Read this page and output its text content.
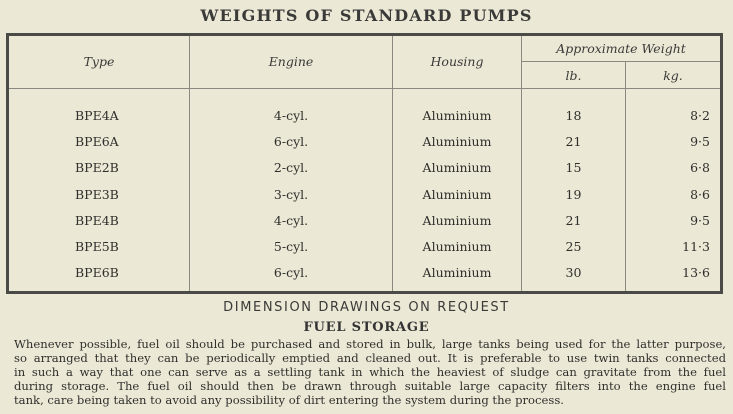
WEIGHTS OF STANDARD PUMPS
Type	Engine	Housing
Approximate Weight
lb.	kg.
BPE4A	4-cyl.	Aluminium	18	8·2
BPE6A	6-cyl.	Aluminium	21	9·5
BPE2B	2-cyl.	Aluminium	15	6·8
BPE3B	3-cyl.	Aluminium	19	8·6
BPE4B	4-cyl.	Aluminium	21	9·5
BPE5B	5-cyl.	Aluminium	25	11·3
BPE6B	6-cyl.	Aluminium	30	13·6
DIMENSION DRAWINGS ON REQUEST
FUEL STORAGE
Whenever possible, fuel oil should be purchased and stored in bulk, large tanks being used for the latter purpose,
so arranged that they can be periodically emptied and cleaned out. It is preferable to use twin tanks connected
in such a way that one can serve as a settling tank in which the heaviest of sludge can gravitate from the fuel
during storage. The fuel oil should then be drawn through suitable large capacity filters into the engine fuel
tank, care being taken to avoid any possibility of dirt entering the system during the process.
